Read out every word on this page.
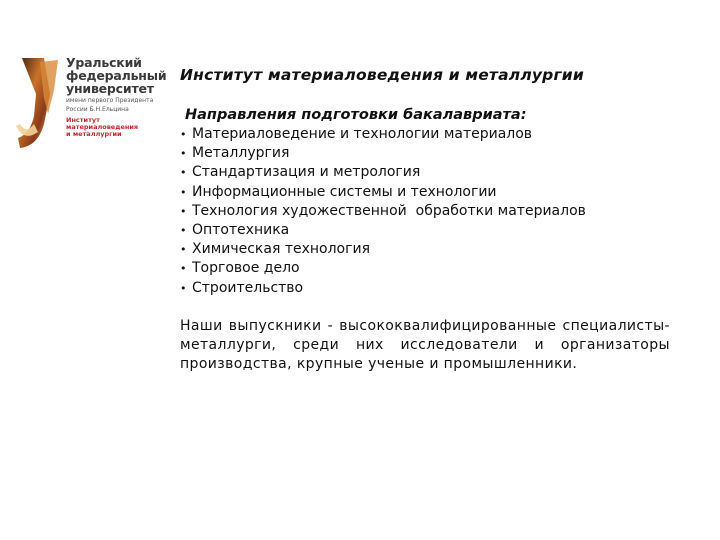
Уральский
федеральный
университет
имени первого Президента
России Б.Н.Ельцина
Институт
материаловедения
и металлургии
Институт материаловедения и металлургии
Направления подготовки бакалавриата:
• Материаловедение и технологии материалов
• Металлургия
• Стандартизация и метрология
• Информационные системы и технологии
• Технология художественной  обработки материалов
• Оптотехника
• Химическая технология
• Торговое дело
• Строительство
Наши выпускники - высококвалифицированные специалисты-металлурги, среди них исследователи и организаторы производства, крупные ученые и промышленники.
